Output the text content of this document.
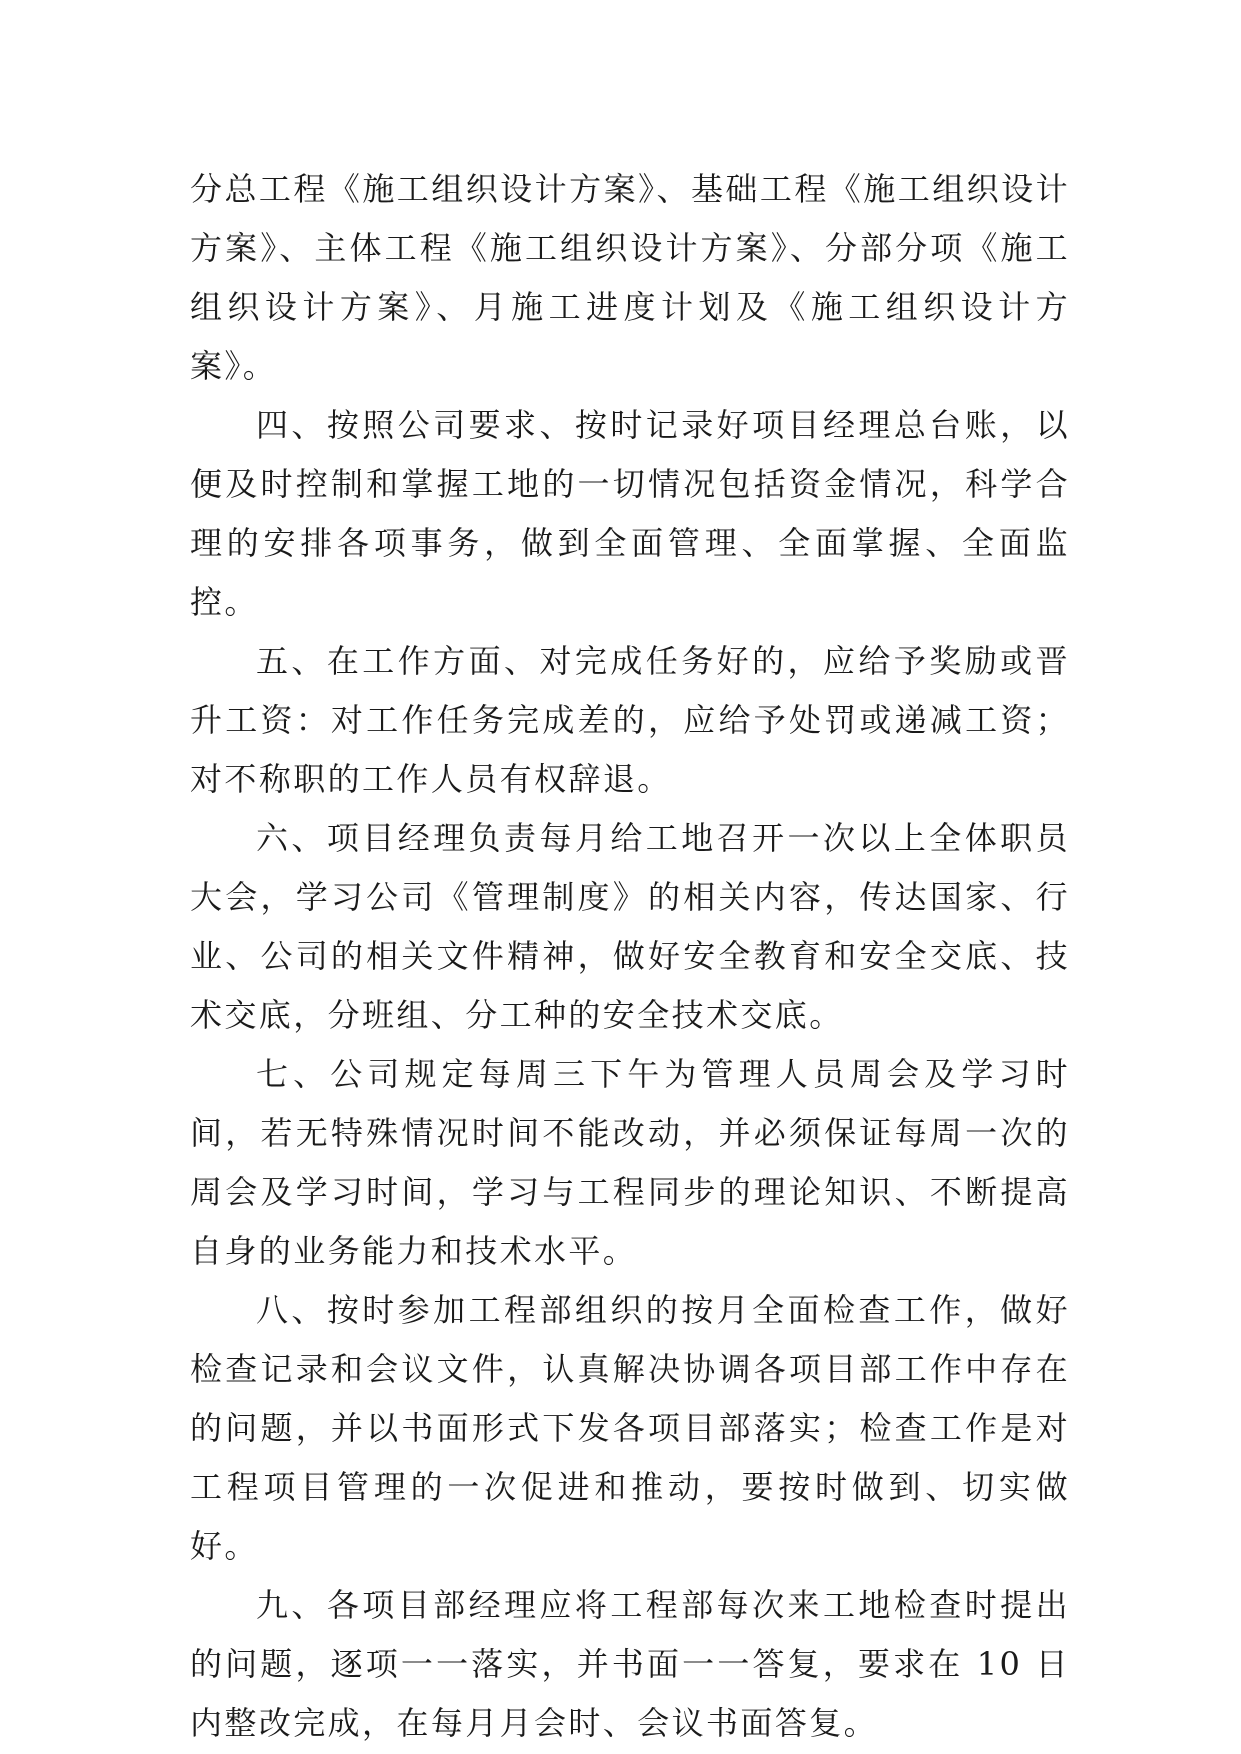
分总工程《施工组织设计方案》、基础工程《施工组织设计方案》、主体工程《施工组织设计方案》、分部分项《施工组织设计方案》、月施工进度计划及《施工组织设计方案》。

四、按照公司要求、按时记录好项目经理总台账，以便及时控制和掌握工地的一切情况包括资金情况，科学合理的安排各项事务，做到全面管理、全面掌握、全面监控。

五、在工作方面、对完成任务好的，应给予奖励或晋升工资：对工作任务完成差的，应给予处罚或递减工资；对不称职的工作人员有权辞退。

六、项目经理负责每月给工地召开一次以上全体职员大会，学习公司《管理制度》的相关内容，传达国家、行业、公司的相关文件精神，做好安全教育和安全交底、技术交底，分班组、分工种的安全技术交底。

七、公司规定每周三下午为管理人员周会及学习时间，若无特殊情况时间不能改动，并必须保证每周一次的周会及学习时间，学习与工程同步的理论知识、不断提高自身的业务能力和技术水平。

八、按时参加工程部组织的按月全面检查工作，做好检查记录和会议文件，认真解决协调各项目部工作中存在的问题，并以书面形式下发各项目部落实；检查工作是对工程项目管理的一次促进和推动，要按时做到、切实做好。

九、各项目部经理应将工程部每次来工地检查时提出的问题，逐项一一落实，并书面一一答复，要求在 10 日内整改完成，在每月月会时、会议书面答复。
